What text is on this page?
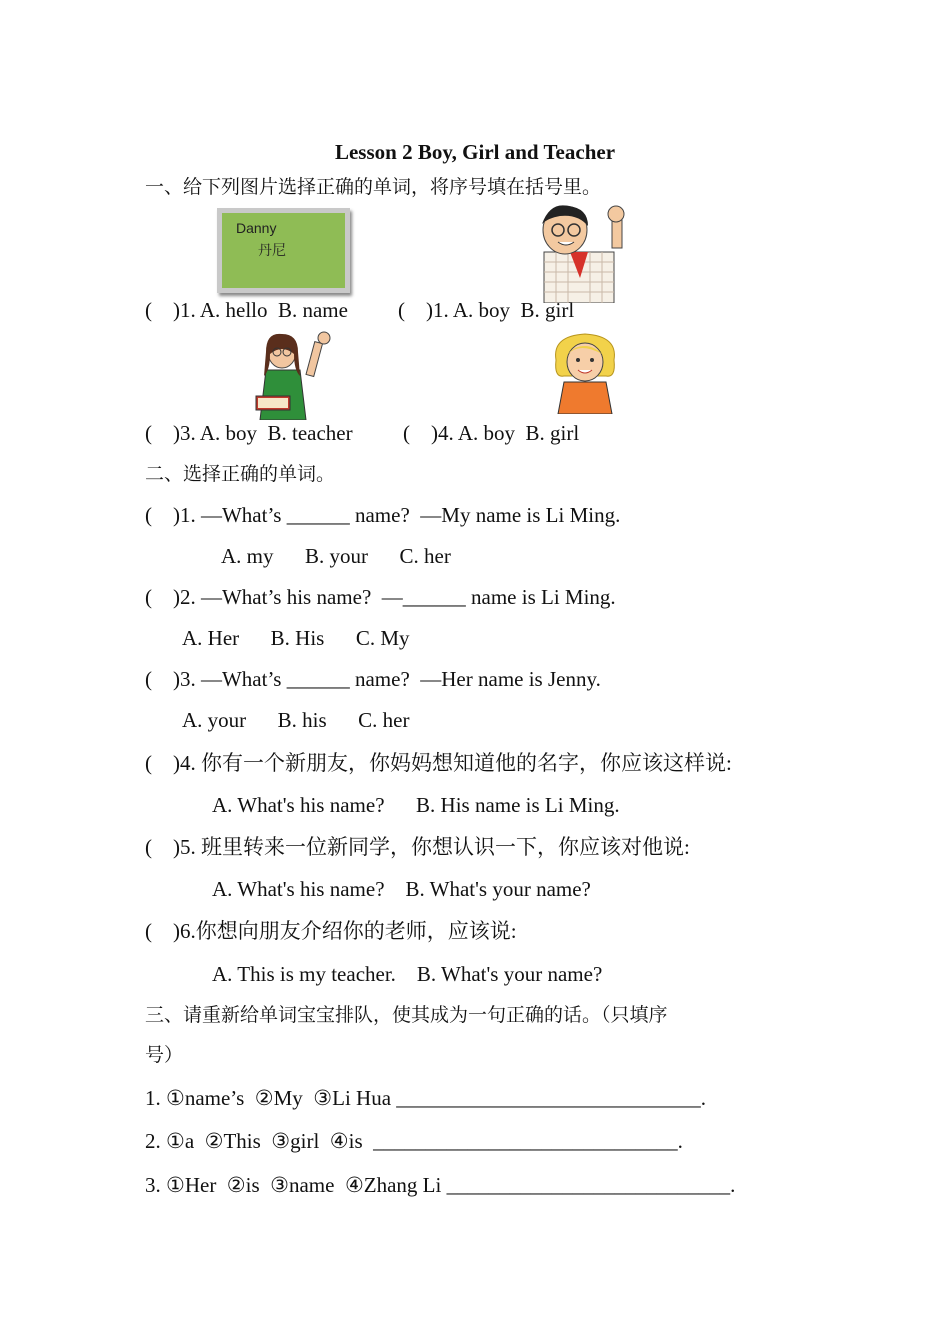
Lesson 2 Boy, Girl and Teacher
一、给下列图片选择正确的单词，将序号填在括号里。
Danny
丹尼
(    )1. A. hello  B. name (    )1. A. boy  B. girl
(    )3. A. boy  B. teacher (    )4. A. boy  B. girl
二、选择正确的单词。
(    )1. —What’s ______ name?  —My name is Li Ming.
A. my      B. your      C. her
(    )2. —What’s his name?  —______ name is Li Ming.
A. Her      B. His      C. My
(    )3. —What’s ______ name?  —Her name is Jenny.
A. your      B. his      C. her
(    )4. 你有一个新朋友，你妈妈想知道他的名字，你应该这样说:
A. What's his name?      B. His name is Li Ming.
(    )5. 班里转来一位新同学，你想认识一下，你应该对他说:
A. What's his name?    B. What's your name?
(    )6.你想向朋友介绍你的老师，应该说:
A. This is my teacher.    B. What's your name?
三、请重新给单词宝宝排队，使其成为一句正确的话。（只填序
号）
1. ①name’s  ②My  ③Li Hua _____________________________.
2. ①a  ②This  ③girl  ④is  _____________________________.
3. ①Her  ②is  ③name  ④Zhang Li ___________________________.
